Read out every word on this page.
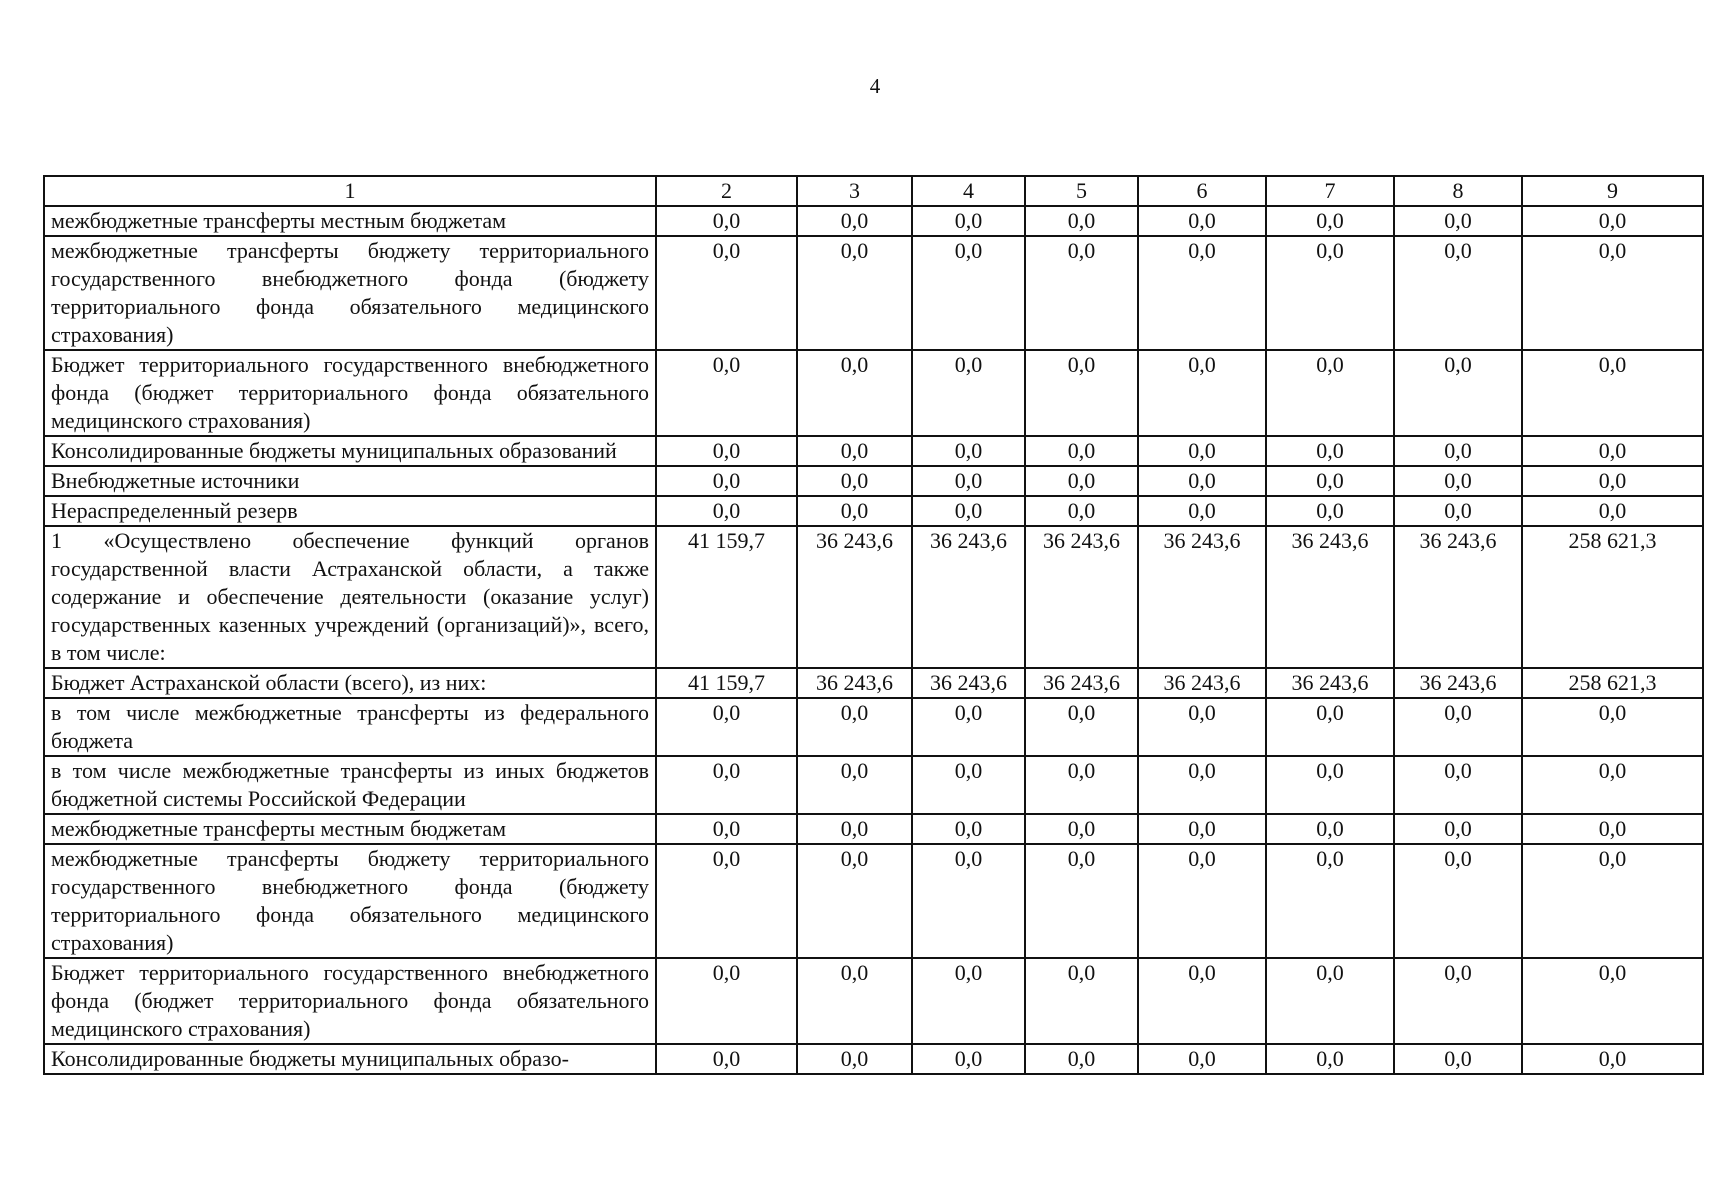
4
1	2	3	4	5	6	7	8	9
межбюджетные трансферты местным бюджетам	0,0	0,0	0,0	0,0	0,0	0,0	0,0	0,0
межбюджетные трансферты бюджету территориального государственного внебюджетного фонда (бюджету территориального фонда обязательного медицинского страхования)	0,0	0,0	0,0	0,0	0,0	0,0	0,0	0,0
Бюджет территориального государственного внебюджетного фонда (бюджет территориального фонда обязательного медицинского страхования)	0,0	0,0	0,0	0,0	0,0	0,0	0,0	0,0
Консолидированные бюджеты муниципальных образований	0,0	0,0	0,0	0,0	0,0	0,0	0,0	0,0
Внебюджетные источники	0,0	0,0	0,0	0,0	0,0	0,0	0,0	0,0
Нераспределенный резерв	0,0	0,0	0,0	0,0	0,0	0,0	0,0	0,0
1 «Осуществлено обеспечение функций органов государственной власти Астраханской области, а также содержание и обеспечение деятельности (оказание услуг) государственных казенных учреждений (организаций)», всего, в том числе:	41 159,7	36 243,6	36 243,6	36 243,6	36 243,6	36 243,6	36 243,6	258 621,3
Бюджет Астраханской области (всего), из них:	41 159,7	36 243,6	36 243,6	36 243,6	36 243,6	36 243,6	36 243,6	258 621,3
в том числе межбюджетные трансферты из федерального бюджета	0,0	0,0	0,0	0,0	0,0	0,0	0,0	0,0
в том числе межбюджетные трансферты из иных бюджетов бюджетной системы Российской Федерации	0,0	0,0	0,0	0,0	0,0	0,0	0,0	0,0
межбюджетные трансферты местным бюджетам	0,0	0,0	0,0	0,0	0,0	0,0	0,0	0,0
межбюджетные трансферты бюджету территориального государственного внебюджетного фонда (бюджету территориального фонда обязательного медицинского страхования)	0,0	0,0	0,0	0,0	0,0	0,0	0,0	0,0
Бюджет территориального государственного внебюджетного фонда (бюджет территориального фонда обязательного медицинского страхования)	0,0	0,0	0,0	0,0	0,0	0,0	0,0	0,0
Консолидированные бюджеты муниципальных образо-	0,0	0,0	0,0	0,0	0,0	0,0	0,0	0,0
